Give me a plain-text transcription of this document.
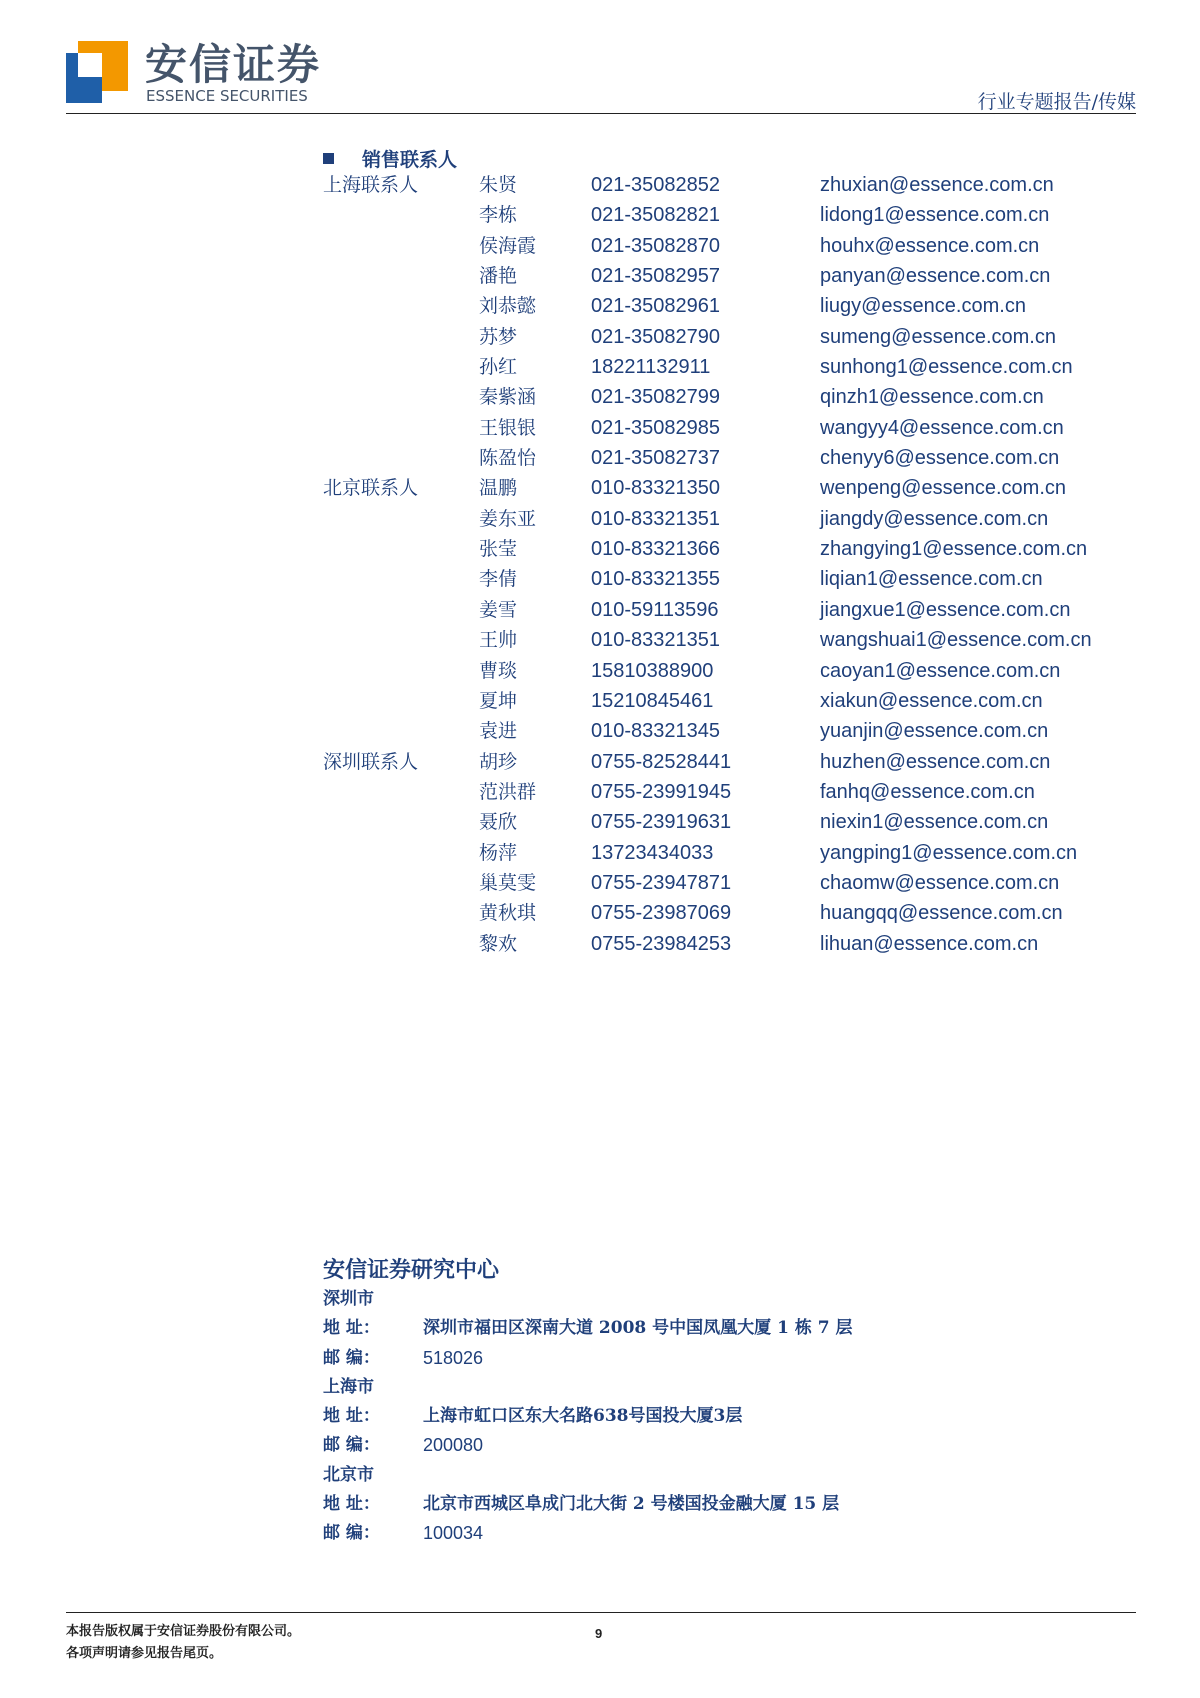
安信证券
ESSENCE SECURITIES	行业专题报告/传媒
销售联系人
上海联系人	朱贤	021-35082852	zhuxian@essence.com.cn
李栋	021-35082821	lidong1@essence.com.cn
侯海霞	021-35082870	houhx@essence.com.cn
潘艳	021-35082957	panyan@essence.com.cn
刘恭懿	021-35082961	liugy@essence.com.cn
苏梦	021-35082790	sumeng@essence.com.cn
孙红	18221132911	sunhong1@essence.com.cn
秦紫涵	021-35082799	qinzh1@essence.com.cn
王银银	021-35082985	wangyy4@essence.com.cn
陈盈怡	021-35082737	chenyy6@essence.com.cn
北京联系人	温鹏	010-83321350	wenpeng@essence.com.cn
姜东亚	010-83321351	jiangdy@essence.com.cn
张莹	010-83321366	zhangying1@essence.com.cn
李倩	010-83321355	liqian1@essence.com.cn
姜雪	010-59113596	jiangxue1@essence.com.cn
王帅	010-83321351	wangshuai1@essence.com.cn
曹琰	15810388900	caoyan1@essence.com.cn
夏坤	15210845461	xiakun@essence.com.cn
袁进	010-83321345	yuanjin@essence.com.cn
深圳联系人	胡珍	0755-82528441	huzhen@essence.com.cn
范洪群	0755-23991945	fanhq@essence.com.cn
聂欣	0755-23919631	niexin1@essence.com.cn
杨萍	13723434033	yangping1@essence.com.cn
巢莫雯	0755-23947871	chaomw@essence.com.cn
黄秋琪	0755-23987069	huangqq@essence.com.cn
黎欢	0755-23984253	lihuan@essence.com.cn
安信证券研究中心
深圳市
地 址：	深圳市福田区深南大道 2008 号中国凤凰大厦 1 栋 7 层
邮 编： 518026
上海市
地 址：	上海市虹口区东大名路638号国投大厦3层
邮 编： 200080
北京市
地 址：	北京市西城区阜成门北大街 2 号楼国投金融大厦 15 层
邮 编： 100034
本报告版权属于安信证券股份有限公司。
各项声明请参见报告尾页。
9
